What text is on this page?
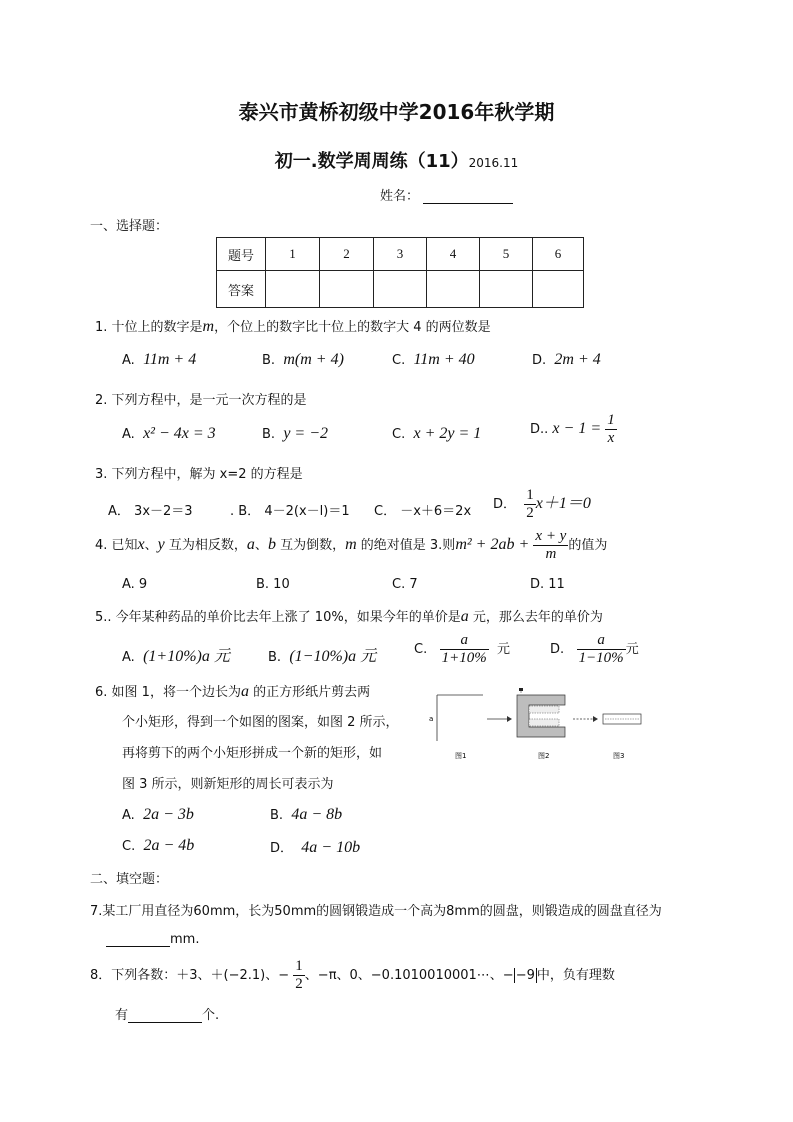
泰兴市黄桥初级中学2016年秋学期
初一.数学周周练（11）2016.11
姓名：
一、选择题：
题号	1	2	3	4	5	6
答案						
1. 十位上的数字是m，个位上的数字比十位上的数字大 4 的两位数是
A. 11m + 4	B. m(m + 4)	C. 11m + 40	D. 2m + 4
2. 下列方程中，是一元一次方程的是
A. x² − 4x = 3	B. y = −2	C. x + 2y = 1	D.. $x - 1 = \frac{1}{x}$
3. 下列方程中，解为 x=2 的方程是
A． 3x－2＝3	. B． 4－2(x－l)＝1 C． －x＋6＝2x D． $\frac{1}{2} x+1=0$
4. 已知x、y 互为相反数，a、b 互为倒数，m 的绝对值是 3.则$m^2 + 2ab + \frac{x + y}{m}$ 的值为
A. 9	B. 10	C. 7	D. 11
5.. 今年某种药品的单价比去年上涨了 10%，如果今年的单价是a 元，那么去年的单价为
A. (1+10%)a 元	B. (1−10%)a 元	C. $\frac{a}{1+10\%}$ 元	D. $\frac{a}{1-10\%}$ 元
6. 如图 1，将一个边长为a 的正方形纸片剪去两
个小矩形，得到一个如图的图案，如图 2 所示，
再将剪下的两个小矩形拼成一个新的矩形，如
图 3 所示，则新矩形的周长可表示为
A. 2a − 3b	B. 4a − 8b
C. 2a − 4b	D． 4a − 10b
a
图1	图2	图3
二、填空题：
7.某工厂用直径为60mm，长为50mm的圆钢锻造成一个高为8mm的圆盘，则锻造成的圆盘直径为
mm.
8．下列各数：＋3、＋(−2.1)、− $\frac{1}{2}$ 、−π、0、−0.1010010001⋯、− −9 中，负有理数
有	个.
